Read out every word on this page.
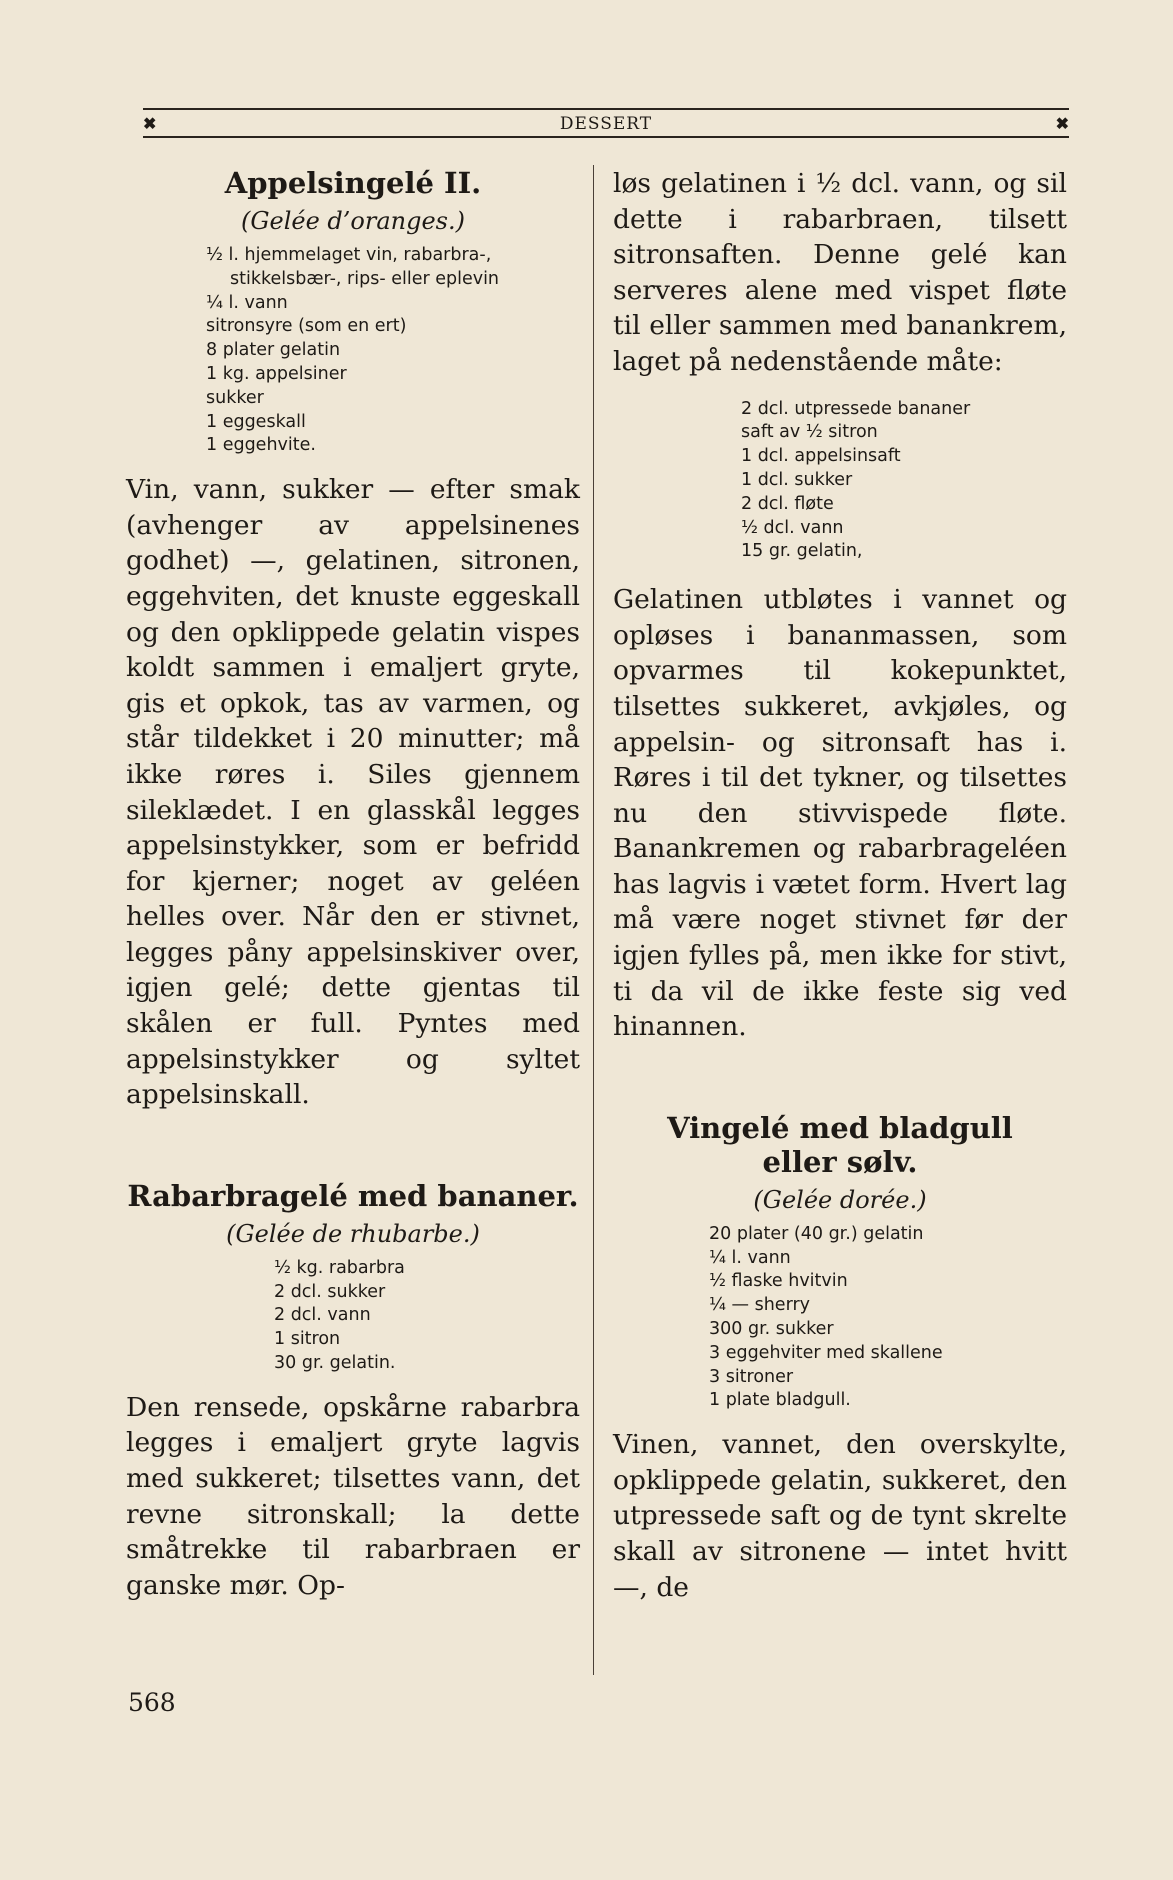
✖	DESSERT	✖
Appelsingelé II.

(Gelée d’oranges.)

½ l. hjemmelaget vin, rabarbra-,
stikkelsbær-, rips- eller eplevin
¼ l. vann
sitronsyre (som en ert)
8 plater gelatin
1 kg. appelsiner
sukker
1 eggeskall
1 eggehvite.

Vin, vann, sukker — efter smak (avhenger av appelsinenes godhet) —, gelatinen, sitronen, eggehviten, det knuste eggeskall og den opklippede gelatin vispes koldt sammen i emaljert gryte, gis et opkok, tas av varmen, og står tildekket i 20 minutter; må ikke røres i. Siles gjennem sileklædet. I en glasskål legges appelsinstykker, som er befridd for kjerner; noget av geléen helles over. Når den er stivnet, legges påny appelsinskiver over, igjen gelé; dette gjentas til skålen er full. Pyntes med appelsinstykker og syltet appelsinskall.

Rabarbragelé med bananer.

(Gelée de rhubarbe.)

½ kg. rabarbra
2 dcl. sukker
2 dcl. vann
1 sitron
30 gr. gelatin.

Den rensede, opskårne rabarbra legges i emaljert gryte lagvis med sukkeret; tilsettes vann, det revne sitronskall; la dette småtrekke til rabarbraen er ganske mør. Op-

løs gelatinen i ½ dcl. vann, og sil dette i rabarbraen, tilsett sitronsaften. Denne gelé kan serveres alene med vispet fløte til eller sammen med banankrem, laget på nedenstående måte:

2 dcl. utpressede bananer
saft av ½ sitron
1 dcl. appelsinsaft
1 dcl. sukker
2 dcl. fløte
½ dcl. vann
15 gr. gelatin,

Gelatinen utbløtes i vannet og opløses i bananmassen, som opvarmes til kokepunktet, tilsettes sukkeret, avkjøles, og appelsin- og sitronsaft has i. Røres i til det tykner, og tilsettes nu den stivvispede fløte. Banankremen og rabarbrageléen has lagvis i vætet form. Hvert lag må være noget stivnet før der igjen fylles på, men ikke for stivt, ti da vil de ikke feste sig ved hinannen.

Vingelé med bladgull
eller sølv.

(Gelée dorée.)

20 plater (40 gr.) gelatin
¼ l. vann
½ flaske hvitvin
¼ — sherry
300 gr. sukker
3 eggehviter med skallene
3 sitroner
1 plate bladgull.

Vinen, vannet, den overskylte, opklippede gelatin, sukkeret, den utpressede saft og de tynt skrelte skall av sitronene — intet hvitt —, de

568
